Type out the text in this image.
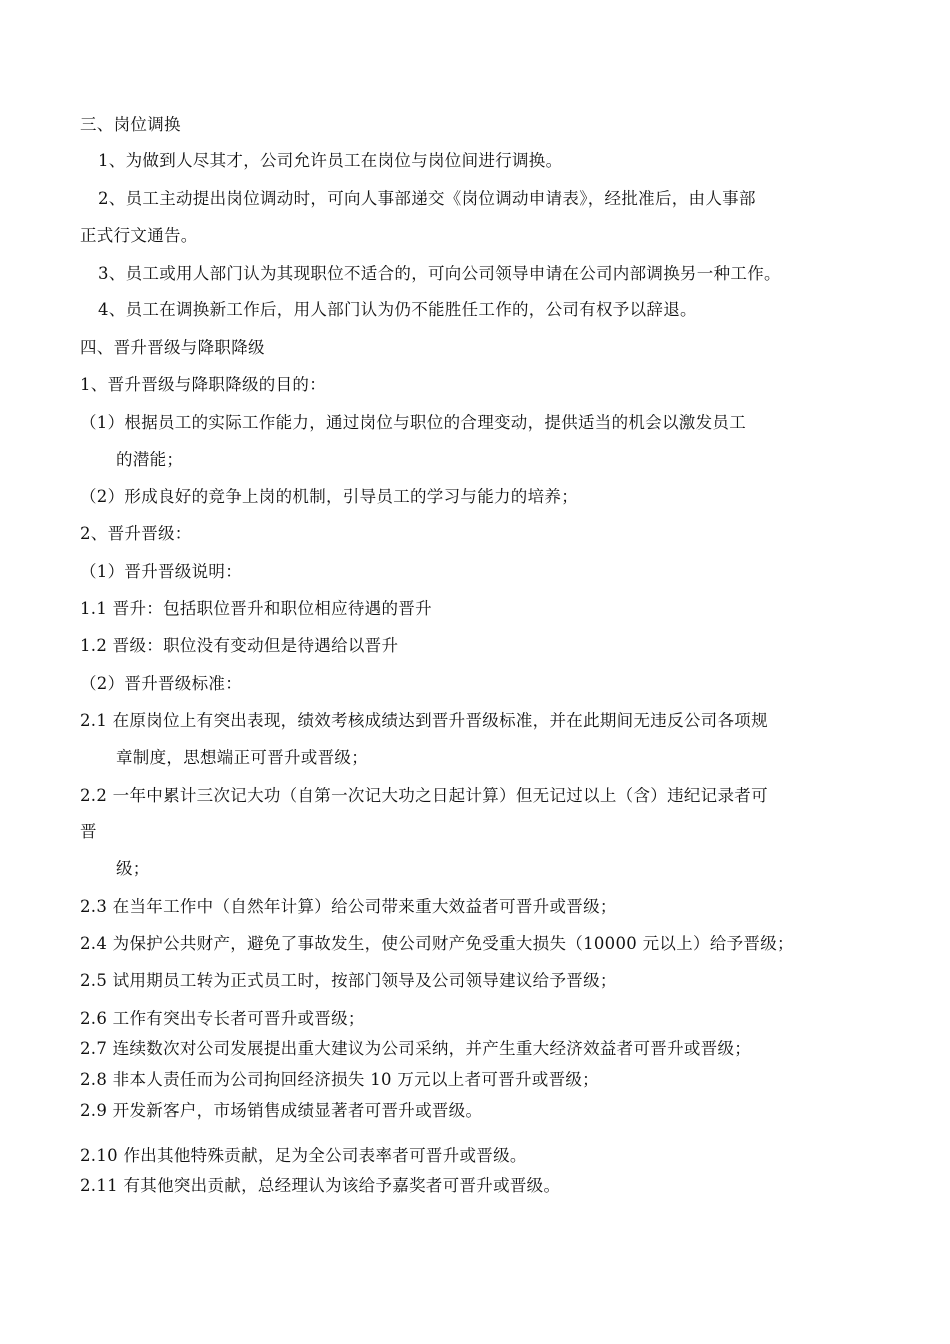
三、岗位调换
1、为做到人尽其才，公司允许员工在岗位与岗位间进行调换。
2、员工主动提出岗位调动时，可向人事部递交《岗位调动申请表》，经批准后，由人事部
正式行文通告。
3、员工或用人部门认为其现职位不适合的，可向公司领导申请在公司内部调换另一种工作。
4、员工在调换新工作后，用人部门认为仍不能胜任工作的，公司有权予以辞退。
四、晋升晋级与降职降级
1、晋升晋级与降职降级的目的：
（1）根据员工的实际工作能力，通过岗位与职位的合理变动，提供适当的机会以激发员工
的潜能；
（2）形成良好的竞争上岗的机制，引导员工的学习与能力的培养；
2、晋升晋级：
（1）晋升晋级说明：
1.1 晋升：包括职位晋升和职位相应待遇的晋升
1.2 晋级：职位没有变动但是待遇给以晋升
（2）晋升晋级标准：
2.1 在原岗位上有突出表现，绩效考核成绩达到晋升晋级标准，并在此期间无违反公司各项规
章制度，思想端正可晋升或晋级；
2.2 一年中累计三次记大功（自第一次记大功之日起计算）但无记过以上（含）违纪记录者可
晋
级；
2.3 在当年工作中（自然年计算）给公司带来重大效益者可晋升或晋级；
2.4 为保护公共财产，避免了事故发生，使公司财产免受重大损失（10000 元以上）给予晋级；
2.5 试用期员工转为正式员工时，按部门领导及公司领导建议给予晋级；
2.6 工作有突出专长者可晋升或晋级；
2.7 连续数次对公司发展提出重大建议为公司采纳，并产生重大经济效益者可晋升或晋级；
2.8 非本人责任而为公司拘回经济损失 10 万元以上者可晋升或晋级；
2.9 开发新客户，市场销售成绩显著者可晋升或晋级。
2.10 作出其他特殊贡献，足为全公司表率者可晋升或晋级。
2.11 有其他突出贡献，总经理认为该给予嘉奖者可晋升或晋级。
